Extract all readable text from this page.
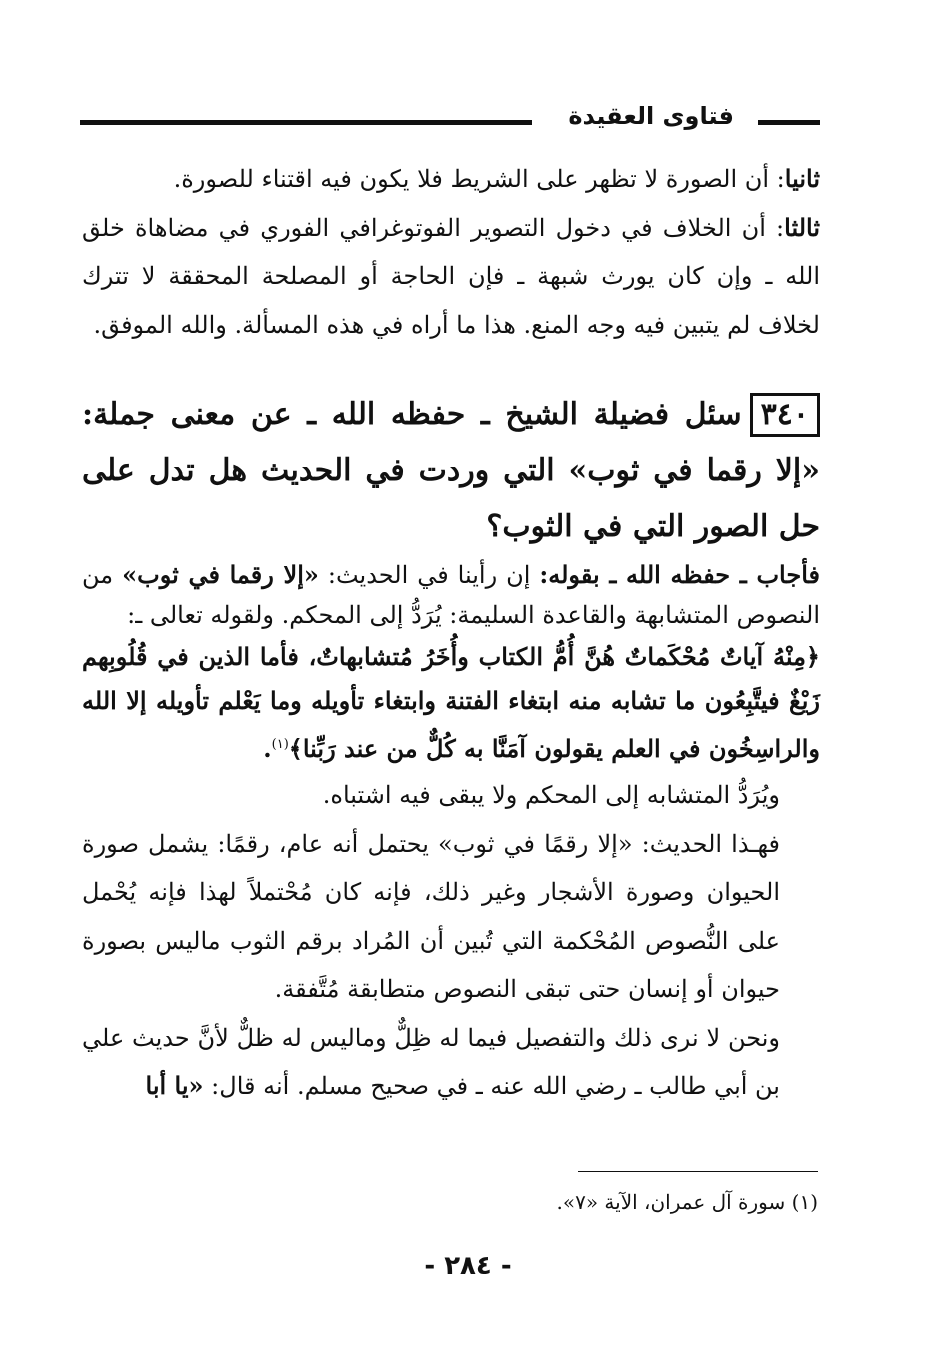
فتاوى العقيدة

ثانيا: أن الصورة لا تظهر على الشريط فلا يكون فيه اقتناء للصورة.

ثالثا: أن الخلاف في دخول التصوير الفوتوغرافي الفوري في مضاهاة خلق الله ـ وإن كان يورث شبهة ـ فإن الحاجة أو المصلحة المحققة لا تترك لخلاف لم يتبين فيه وجه المنع. هذا ما أراه في هذه المسألة. والله الموفق.

٣٤٠سئل فضيلة الشيخ ـ حفظه الله ـ عن معنى جملة: «إلا رقما في ثوب» التي وردت في الحديث هل تدل على حل الصور التي في الثوب؟

فأجاب ـ حفظه الله ـ بقوله: إن رأينا في الحديث: «إلا رقما في ثوب» من النصوص المتشابهة والقاعدة السليمة: يُرَدُّ إلى المحكم. ولقوله تعالى ـ:

﴿مِنْهُ آياتٌ مُحْكَماتٌ هُنَّ أُمُّ الكتاب وأُخَرُ مُتشابهاتٌ، فأما الذين في قُلُوبِهم زَيْغٌ فيتَّبِعُون ما تشابه منه ابتغاء الفتنة وابتغاء تأويله وما يَعْلم تأويله إلا الله والراسِخُون في العلم يقولون آمَنَّا به كُلٌّ من عند رَبِّنا﴾$^{(١)}$.

ويُرَدُّ المتشابه إلى المحكم ولا يبقى فيه اشتباه.

فهـذا الحديث: «إلا رقمًا في ثوب» يحتمل أنه عام، رقمًا: يشمل صورة الحيوان وصورة الأشجار وغير ذلك، فإنه كان مُحْتملاً لهذا فإنه يُحْمل على النُّصوص المُحْكمة التي تُبين أن المُراد برقم الثوب ماليس بصورة حيوان أو إنسان حتى تبقى النصوص متطابقة مُتَّفقة.

ونحن لا نرى ذلك والتفصيل فيما له ظِلٌّ وماليس له ظلٌّ لأنَّ حديث علي بن أبي طالب ـ رضي الله عنه ـ في صحيح مسلم. أنه قال: «يا أبا

(١) سورة آل عمران، الآية «٧».
- ٢٨٤ -
